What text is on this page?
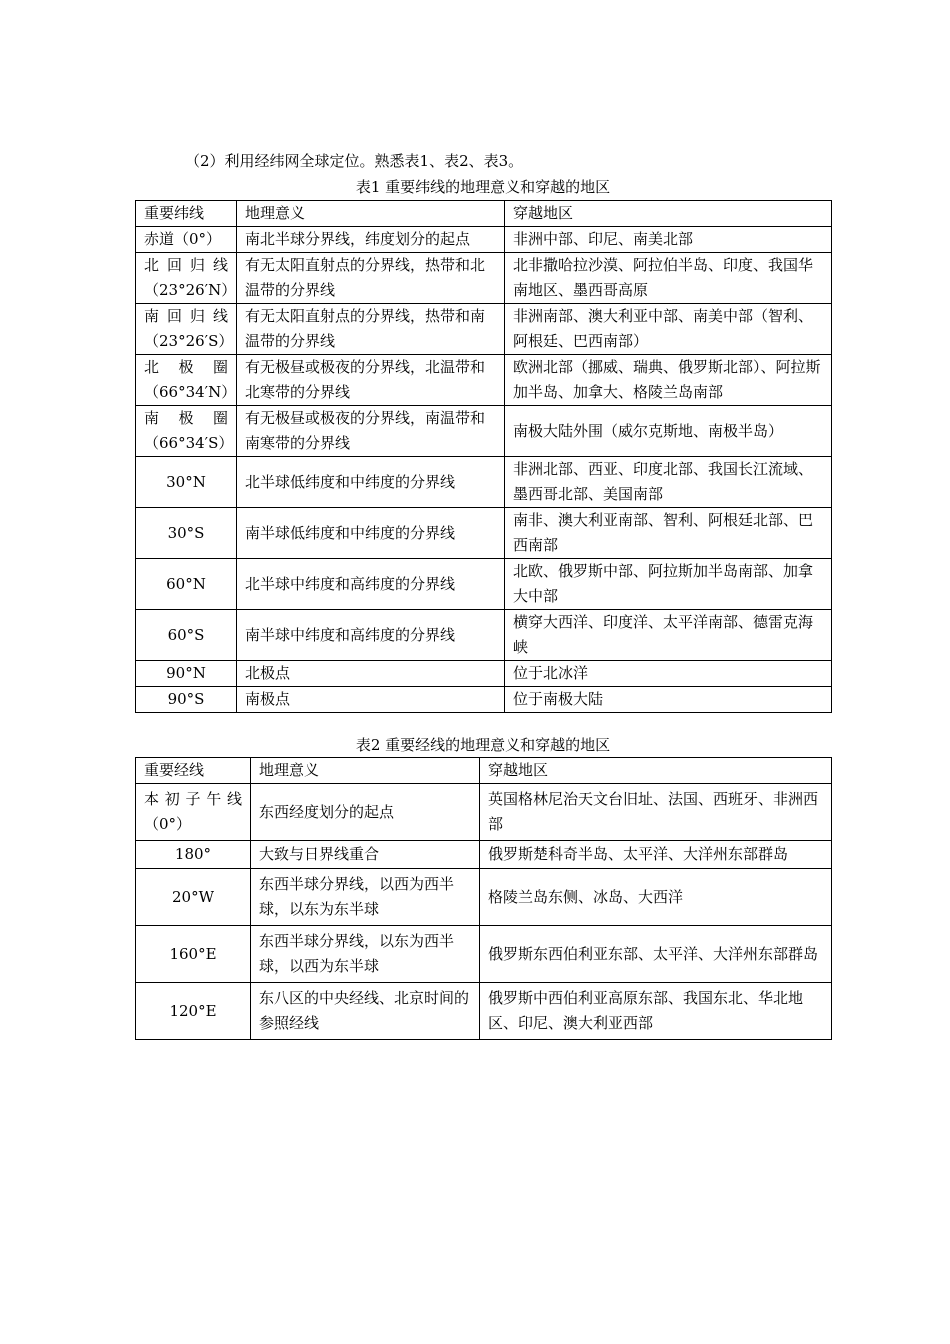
（2）利用经纬网全球定位。熟悉表1、表2、表3。
表1 重要纬线的地理意义和穿越的地区
重要纬线	地理意义	穿越地区
赤道（0°）	南北半球分界线，纬度划分的起点	非洲中部、印尼、南美北部

北回归线
（23°26′N）	有无太阳直射点的分界线，热带和北温带的分界线	北非撒哈拉沙漠、阿拉伯半岛、印度、我国华南地区、墨西哥高原

南回归线
（23°26′S）	有无太阳直射点的分界线，热带和南温带的分界线	非洲南部、澳大利亚中部、南美中部（智利、阿根廷、巴西南部）

北　极　圈
（66°34′N）	有无极昼或极夜的分界线，北温带和北寒带的分界线	欧洲北部（挪威、瑞典、俄罗斯北部）、阿拉斯加半岛、加拿大、格陵兰岛南部

南　极　圈
（66°34′S）	有无极昼或极夜的分界线，南温带和南寒带的分界线	南极大陆外围（威尔克斯地、南极半岛）
30°N	北半球低纬度和中纬度的分界线	非洲北部、西亚、印度北部、我国长江流域、墨西哥北部、美国南部
30°S	南半球低纬度和中纬度的分界线	南非、澳大利亚南部、智利、阿根廷北部、巴西南部
60°N	北半球中纬度和高纬度的分界线	北欧、俄罗斯中部、阿拉斯加半岛南部、加拿大中部
60°S	南半球中纬度和高纬度的分界线	横穿大西洋、印度洋、太平洋南部、德雷克海峡
90°N	北极点	位于北冰洋
90°S	南极点	位于南极大陆
表2 重要经线的地理意义和穿越的地区
重要经线	地理意义	穿越地区

本初子午线
（0°）	东西经度划分的起点	英国格林尼治天文台旧址、法国、西班牙、非洲西部
180°	大致与日界线重合	俄罗斯楚科奇半岛、太平洋、大洋州东部群岛
20°W	东西半球分界线，以西为西半球，以东为东半球	格陵兰岛东侧、冰岛、大西洋
160°E	东西半球分界线，以东为西半球，以西为东半球	俄罗斯东西伯利亚东部、太平洋、大洋州东部群岛
120°E	东八区的中央经线、北京时间的参照经线	俄罗斯中西伯利亚高原东部、我国东北、华北地区、印尼、澳大利亚西部
